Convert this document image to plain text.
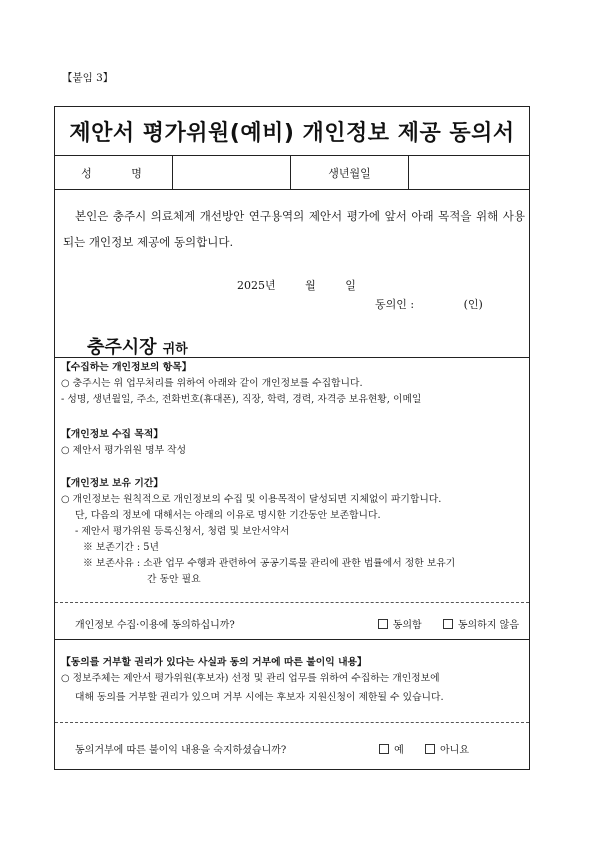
【붙임 3】
제안서 평가위원(예비) 개인정보 제공 동의서
성 명	생년월일
본인은 충주시 의료체계 개선방안 연구용역의 제안서 평가에 앞서 아래 목적을 위해 사용되는 개인정보 제공에 동의합니다.
2025년	월	일
동의인 :	(인)
충주시장 귀하
【수집하는 개인정보의 항목】
○ 충주시는 위 업무처리를 위하여 아래와 같이 개인정보를 수집합니다.
- 성명, 생년월일, 주소, 전화번호(휴대폰), 직장, 학력, 경력, 자격증 보유현황, 이메일
【개인정보 수집 목적】
○ 제안서 평가위원 명부 작성
【개인정보 보유 기간】
○ 개인정보는 원칙적으로 개인정보의 수집 및 이용목적이 달성되면 지체없이 파기합니다.
단, 다음의 정보에 대해서는 아래의 이유로 명시한 기간동안 보존합니다.
- 제안서 평가위원 등록신청서, 청렴 및 보안서약서
※ 보존기간 : 5년
※ 보존사유 : 소관 업무 수행과 관련하여 공공기록물 관리에 관한 법률에서 정한 보유기
간 동안 필요
개인정보 수집·이용에 동의하십니까?	동의함	동의하지 않음
【동의를 거부할 권리가 있다는 사실과 동의 거부에 따른 불이익 내용】
○ 정보주체는 제안서 평가위원(후보자) 선정 및 관리 업무를 위하여 수집하는 개인정보에
대해 동의를 거부할 권리가 있으며 거부 시에는 후보자 지원신청이 제한될 수 있습니다.
동의거부에 따른 불이익 내용을 숙지하셨습니까?	예	아니요
